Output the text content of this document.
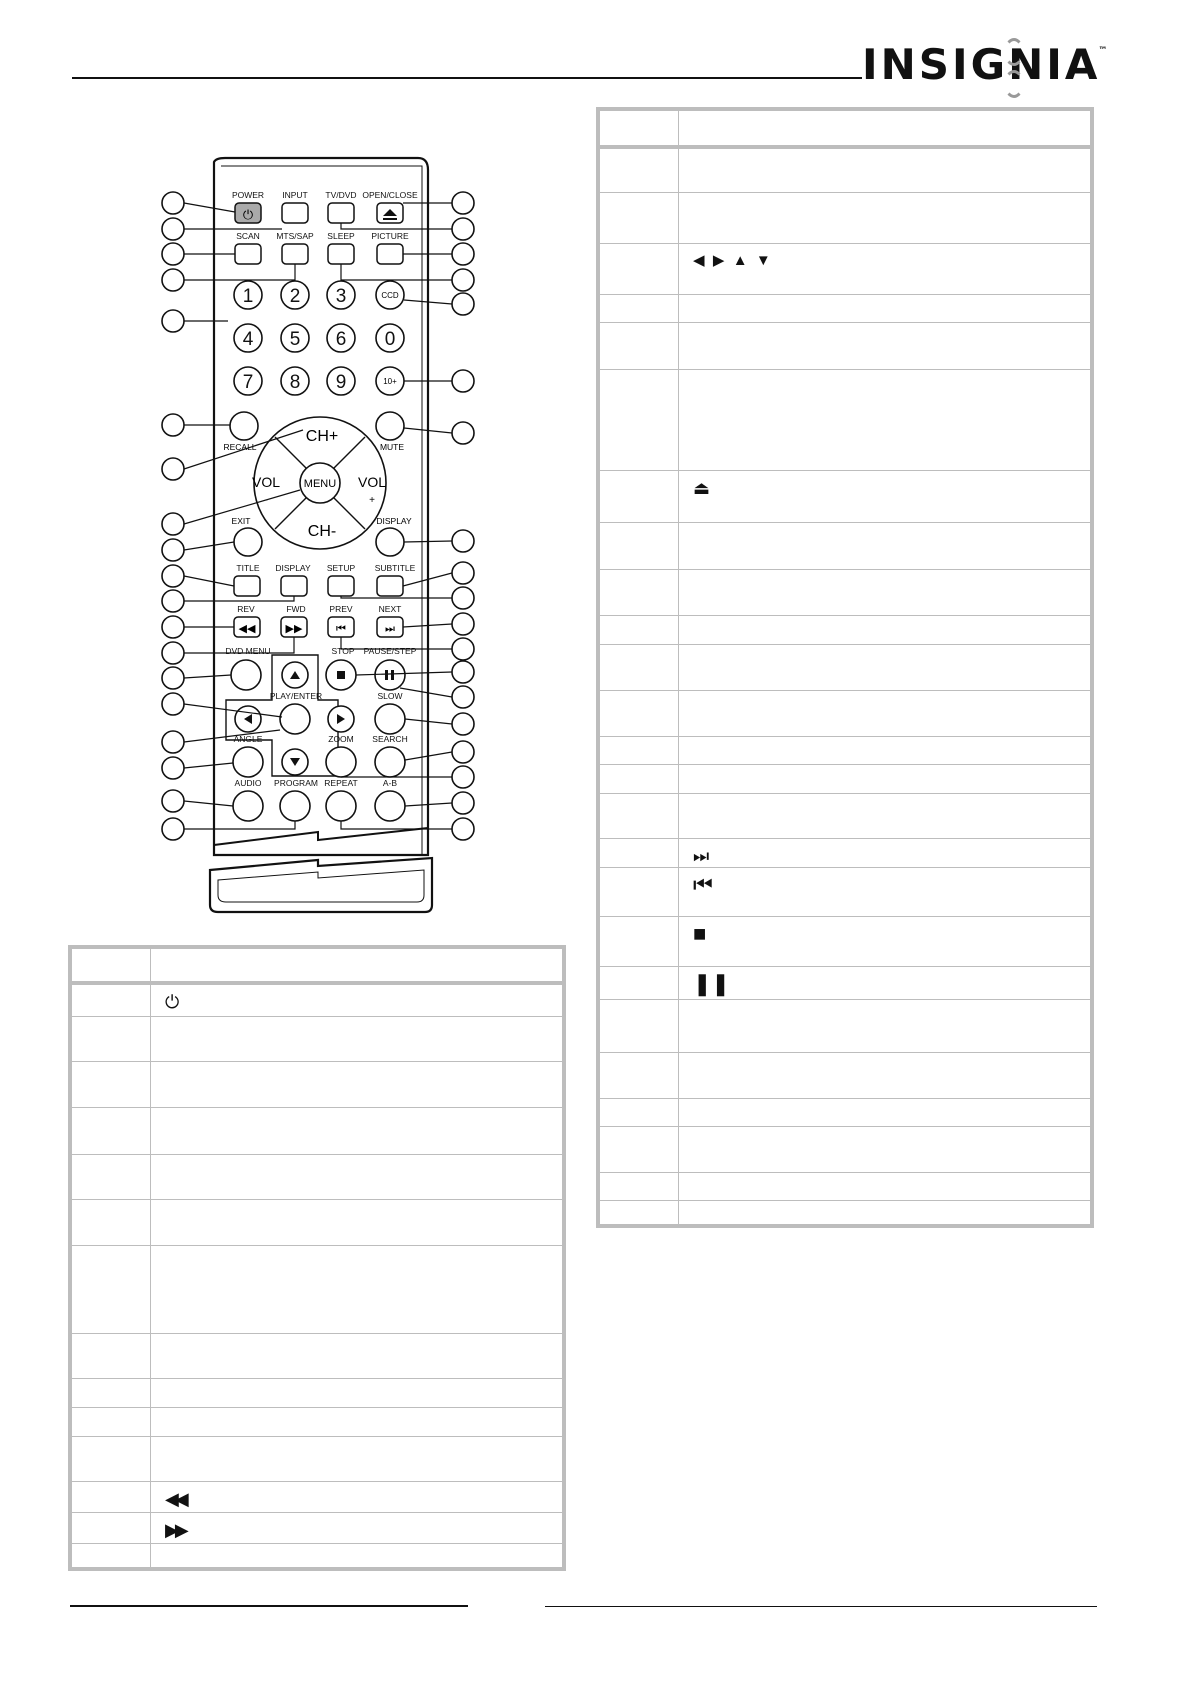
INSIGNIA
™
POWER INPUT TV/DVD OPEN/CLOSE
SCAN MTS/SAP SLEEP PICTURE
⏻
1 2 3
4 5 6 0
7 8 9
CCD
10+
RECALL	MUTE
CH+
CH-
VOL
-
VOL
+
MENU
EXIT	DISPLAY
TITLE DISPLAY SETUP SUBTITLE
REV	FWD	PREV	NEXT
◀◀	▶▶	⏮	⏭
DVD MENU	STOP PAUSE/STEP
PLAY/ENTER	SLOW
ANGLE	ZOOM SEARCH
AUDIO PROGRAM REPEAT	A-B

	⏻

	◀◀
	▶▶

	◀  ▶  ▲  ▼

	⏏

	⏭
	⏮
	■
	❚❚
